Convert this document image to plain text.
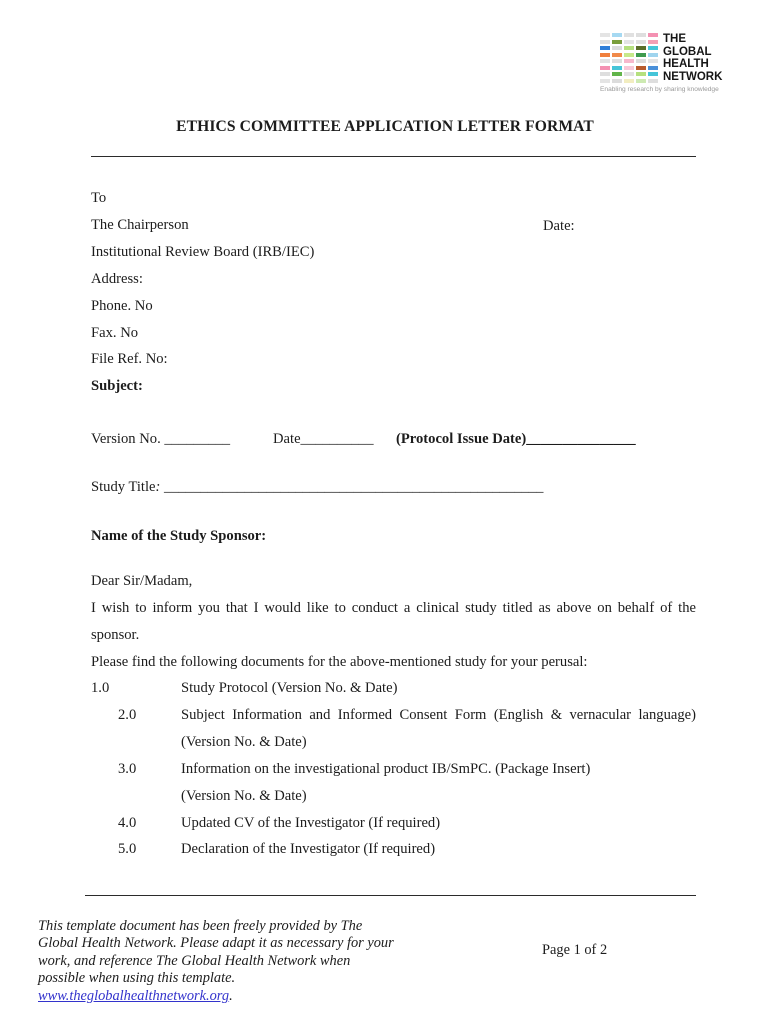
THE
GLOBAL
HEALTH
NETWORK
Enabling research by sharing knowledge
ETHICS COMMITTEE APPLICATION LETTER FORMAT
To
The Chairperson
Institutional Review Board (IRB/IEC)
Address:
Phone. No
Fax. No
File Ref. No:
Subject:
Date:
Version No. _________	Date__________ (Protocol Issue Date)_______________
Study Title: ____________________________________________________
Name of the Study Sponsor:
Dear Sir/Madam,
I wish to inform you that I would like to conduct a clinical study titled as above on behalf of the
sponsor.
Please find the following documents for the above-mentioned study for your perusal:
1.0	Study Protocol (Version No. & Date)
2.0	Subject Information and Informed Consent Form (English & vernacular language)
(Version No. & Date)
3.0	Information on the investigational product IB/SmPC. (Package Insert)
(Version No. & Date)
4.0	Updated CV of the Investigator (If required)
5.0	Declaration of the Investigator (If required)
This template document has been freely provided by The
Global Health Network. Please adapt it as necessary for your
work, and reference The Global Health Network when
possible when using this template.
www.theglobalhealthnetwork.org.
Page 1 of 2
